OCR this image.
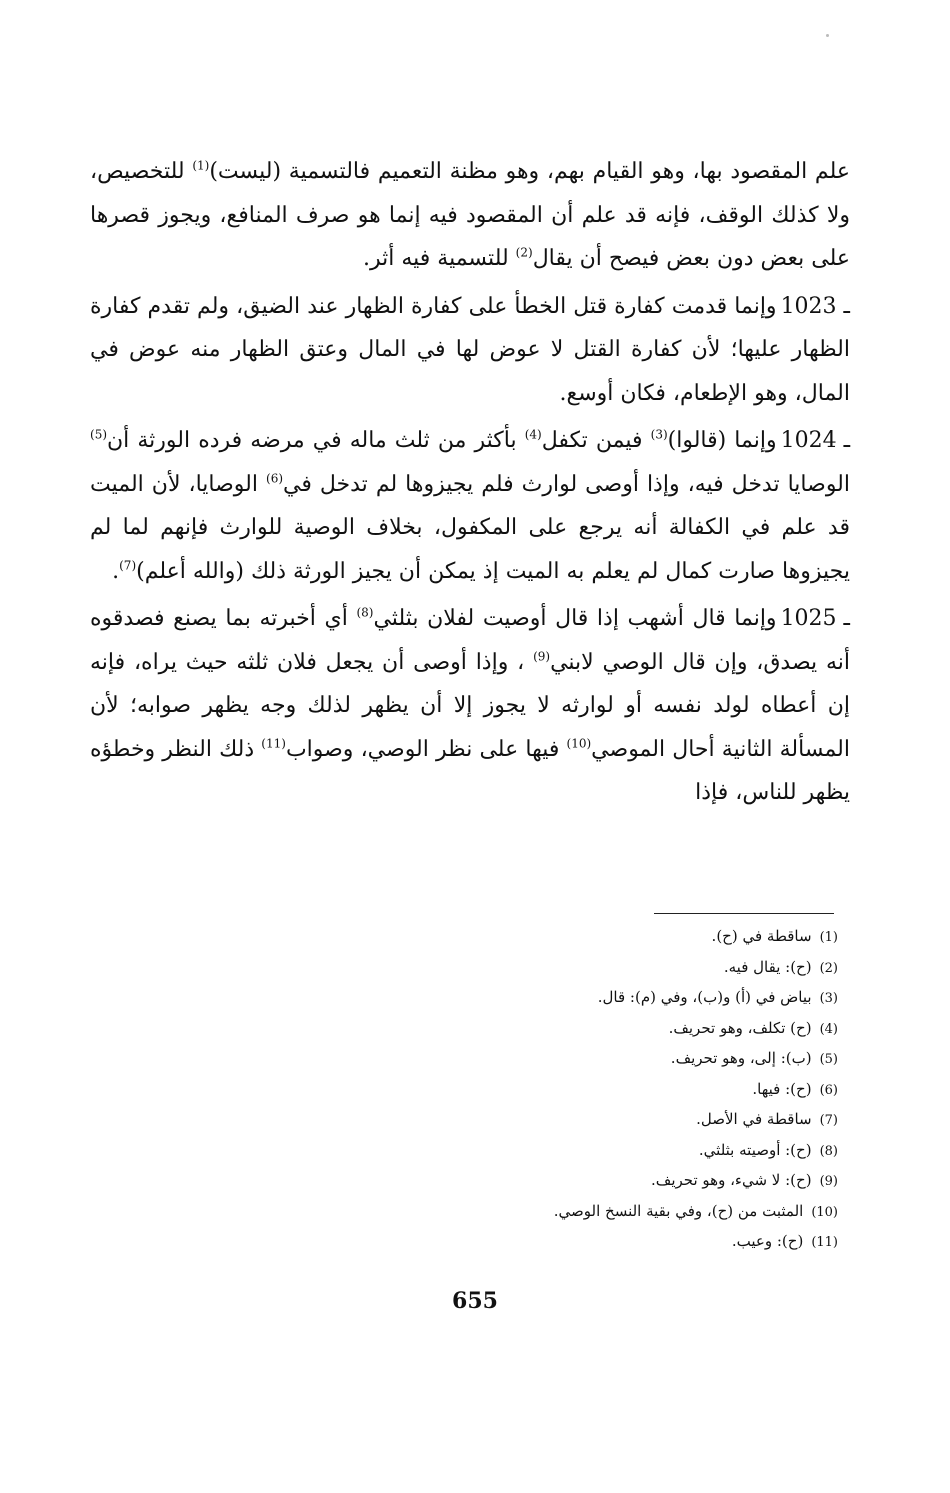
علم المقصود بها، وهو القيام بهم، وهو مظنة التعميم فالتسمية (ليست)$^{(1)}$ للتخصيص، ولا كذلك الوقف، فإنه قد علم أن المقصود فيه إنما هو صرف المنافع، ويجوز قصرها على بعض دون بعض فيصح أن يقال$^{(2)}$ للتسمية فيه أثر.

1023 ـوإنما قدمت كفارة قتل الخطأ على كفارة الظهار عند الضيق، ولم تقدم كفارة الظهار عليها؛ لأن كفارة القتل لا عوض لها في المال وعتق الظهار منه عوض في المال، وهو الإطعام، فكان أوسع.

1024 ـوإنما (قالوا)$^{(3)}$ فيمن تكفل$^{(4)}$ بأكثر من ثلث ماله في مرضه فرده الورثة أن$^{(5)}$ الوصايا تدخل فيه، وإذا أوصى لوارث فلم يجيزوها لم تدخل في$^{(6)}$ الوصايا، لأن الميت قد علم في الكفالة أنه يرجع على المكفول، بخلاف الوصية للوارث فإنهم لما لم يجيزوها صارت كمال لم يعلم به الميت إذ يمكن أن يجيز الورثة ذلك (والله أعلم)$^{(7)}$.

1025 ـوإنما قال أشهب إذا قال أوصيت لفلان بثلثي$^{(8)}$ أي أخبرته بما يصنع فصدقوه أنه يصدق، وإن قال الوصي لابني$^{(9)}$ ، وإذا أوصى أن يجعل فلان ثلثه حيث يراه، فإنه إن أعطاه لولد نفسه أو لوارثه لا يجوز إلا أن يظهر لذلك وجه يظهر صوابه؛ لأن المسألة الثانية أحال الموصي$^{(10)}$ فيها على نظر الوصي، وصواب$^{(11)}$ ذلك النظر وخطؤه يظهر للناس، فإذا

(1)ساقطة في (ح).
(2)(ح): يقال فيه.
(3)بياض في (أ) و(ب)، وفي (م): قال.
(4)(ح) تكلف، وهو تحريف.
(5)(ب): إلى، وهو تحريف.
(6)(ح): فيها.
(7)ساقطة في الأصل.
(8)(ح): أوصيته بثلثي.
(9)(ح): لا شيء، وهو تحريف.
(10)المثبت من (ح)، وفي بقية النسخ الوصي.
(11)(ح): وعيب.
655
